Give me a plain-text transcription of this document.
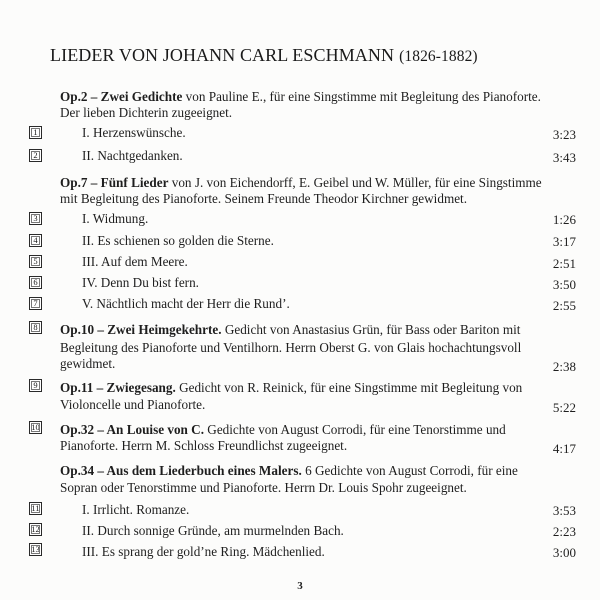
LIEDER VON JOHANN CARL ESCHMANN (1826-1882)
Op.2 – Zwei Gedichte von Pauline E., für eine Singstimme mit Begleitung des Pianoforte.
Der lieben Dichterin zugeeignet.
1	I. Herzenswünsche.	3:23
2	II. Nachtgedanken.	3:43
Op.7 – Fünf Lieder von J. von Eichendorff, E. Geibel und W. Müller, für eine Singstimme
mit Begleitung des Pianoforte. Seinem Freunde Theodor Kirchner gewidmet.
3	I. Widmung.	1:26
4	II. Es schienen so golden die Sterne.	3:17
5	III. Auf dem Meere.	2:51
6	IV. Denn Du bist fern.	3:50
7	V. Nächtlich macht der Herr die Rund’.	2:55
8	Op.10 – Zwei Heimgekehrte. Gedicht von Anastasius Grün, für Bass oder Bariton mit
Begleitung des Pianoforte und Ventilhorn. Herrn Oberst G. von Glais hochachtungsvoll
gewidmet.	2:38
9	Op.11 – Zwiegesang. Gedicht von R. Reinick, für eine Singstimme mit Begleitung von
Violoncelle und Pianoforte.	5:22
10 Op.32 – An Louise von C. Gedichte von August Corrodi, für eine Tenorstimme und
Pianoforte. Herrn M. Schloss Freundlichst zugeeignet.	4:17
Op.34 – Aus dem Liederbuch eines Malers. 6 Gedichte von August Corrodi, für eine
Sopran oder Tenorstimme und Pianoforte. Herrn Dr. Louis Spohr zugeeignet.
11	I. Irrlicht. Romanze.	3:53
12	II. Durch sonnige Gründe, am murmelnden Bach.	2:23
13	III. Es sprang der gold’ne Ring. Mädchenlied.	3:00
3
